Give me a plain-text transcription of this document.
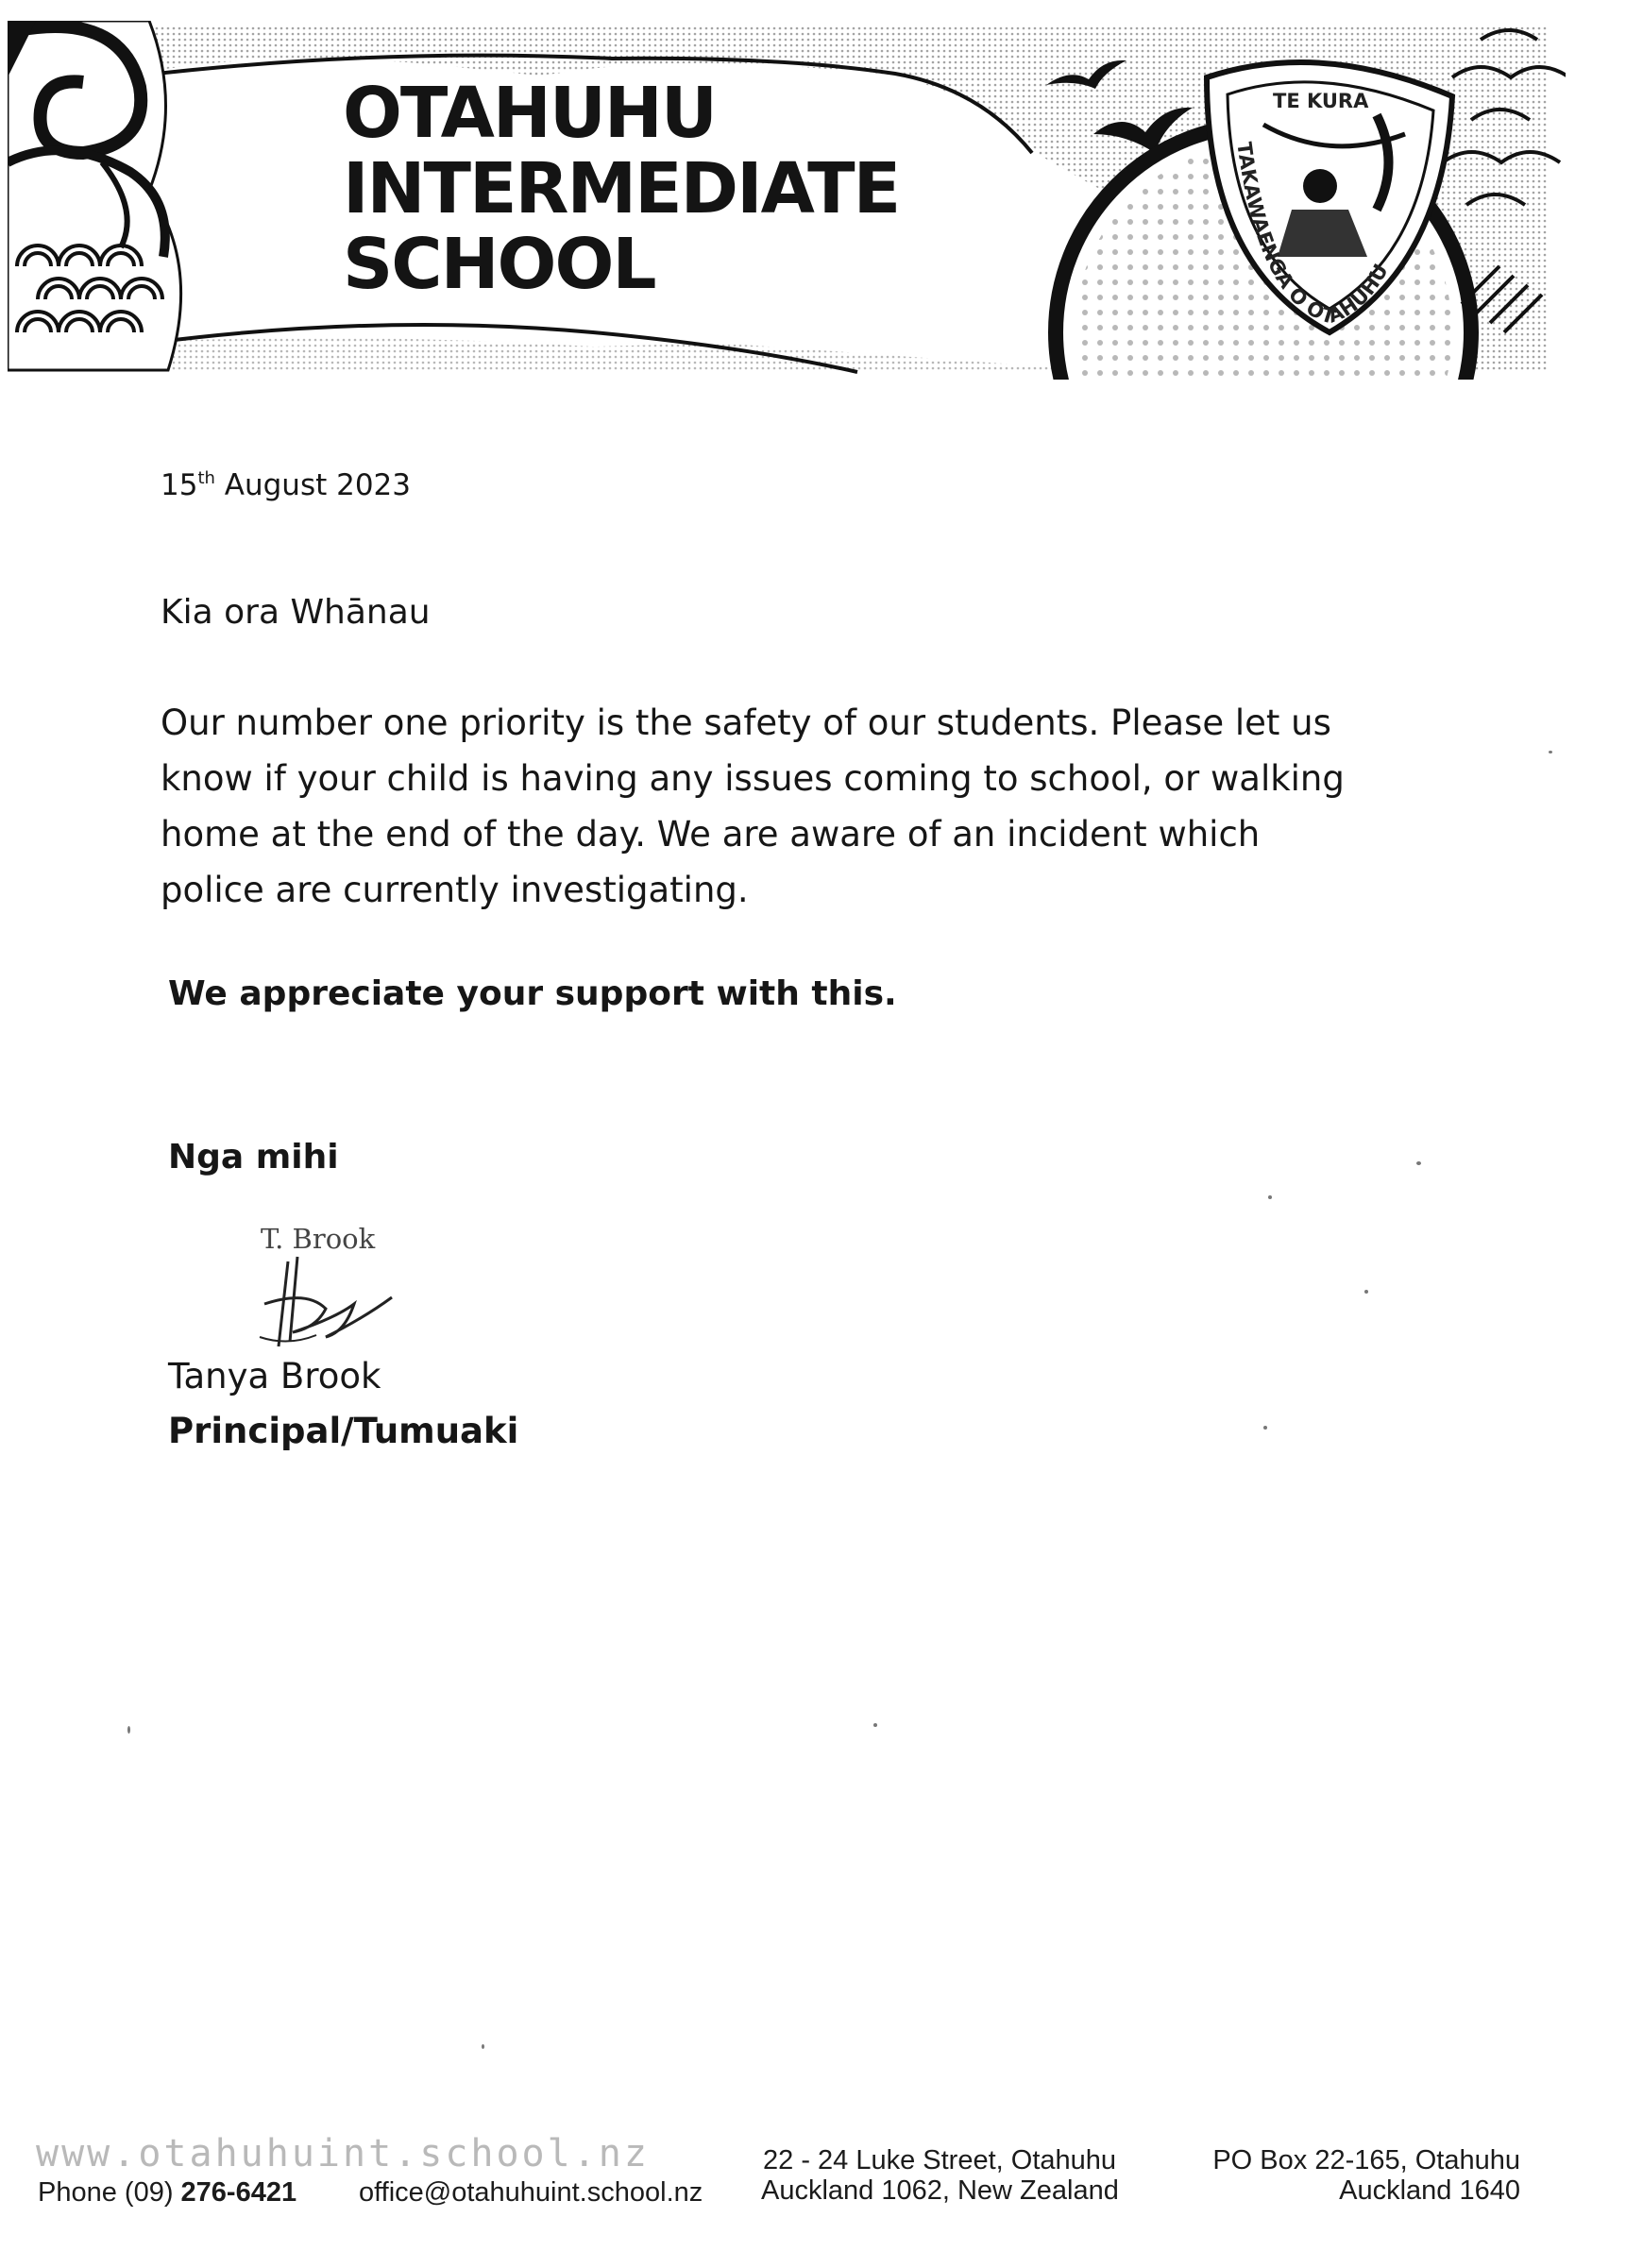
TE KURA
TAKAWAENGA O OTAHUHU
OTAHUHU
INTERMEDIATE
SCHOOL
15th August 2023
Kia ora Whānau

Our number one priority is the safety of our students. Please let us
know if your child is having any issues coming to school, or walking
home at the end of the day. We are aware of an incident which
police are currently investigating.

We appreciate your support with this.
Nga mihi
T. Brook
Tanya Brook
Principal/Tumuaki
www.otahuhuint.school.nz
Phone (09) 276-6421 office@otahuhuint.school.nz
22 - 24 Luke Street, Otahuhu
Auckland 1062, New Zealand
PO Box 22-165, Otahuhu
Auckland 1640
